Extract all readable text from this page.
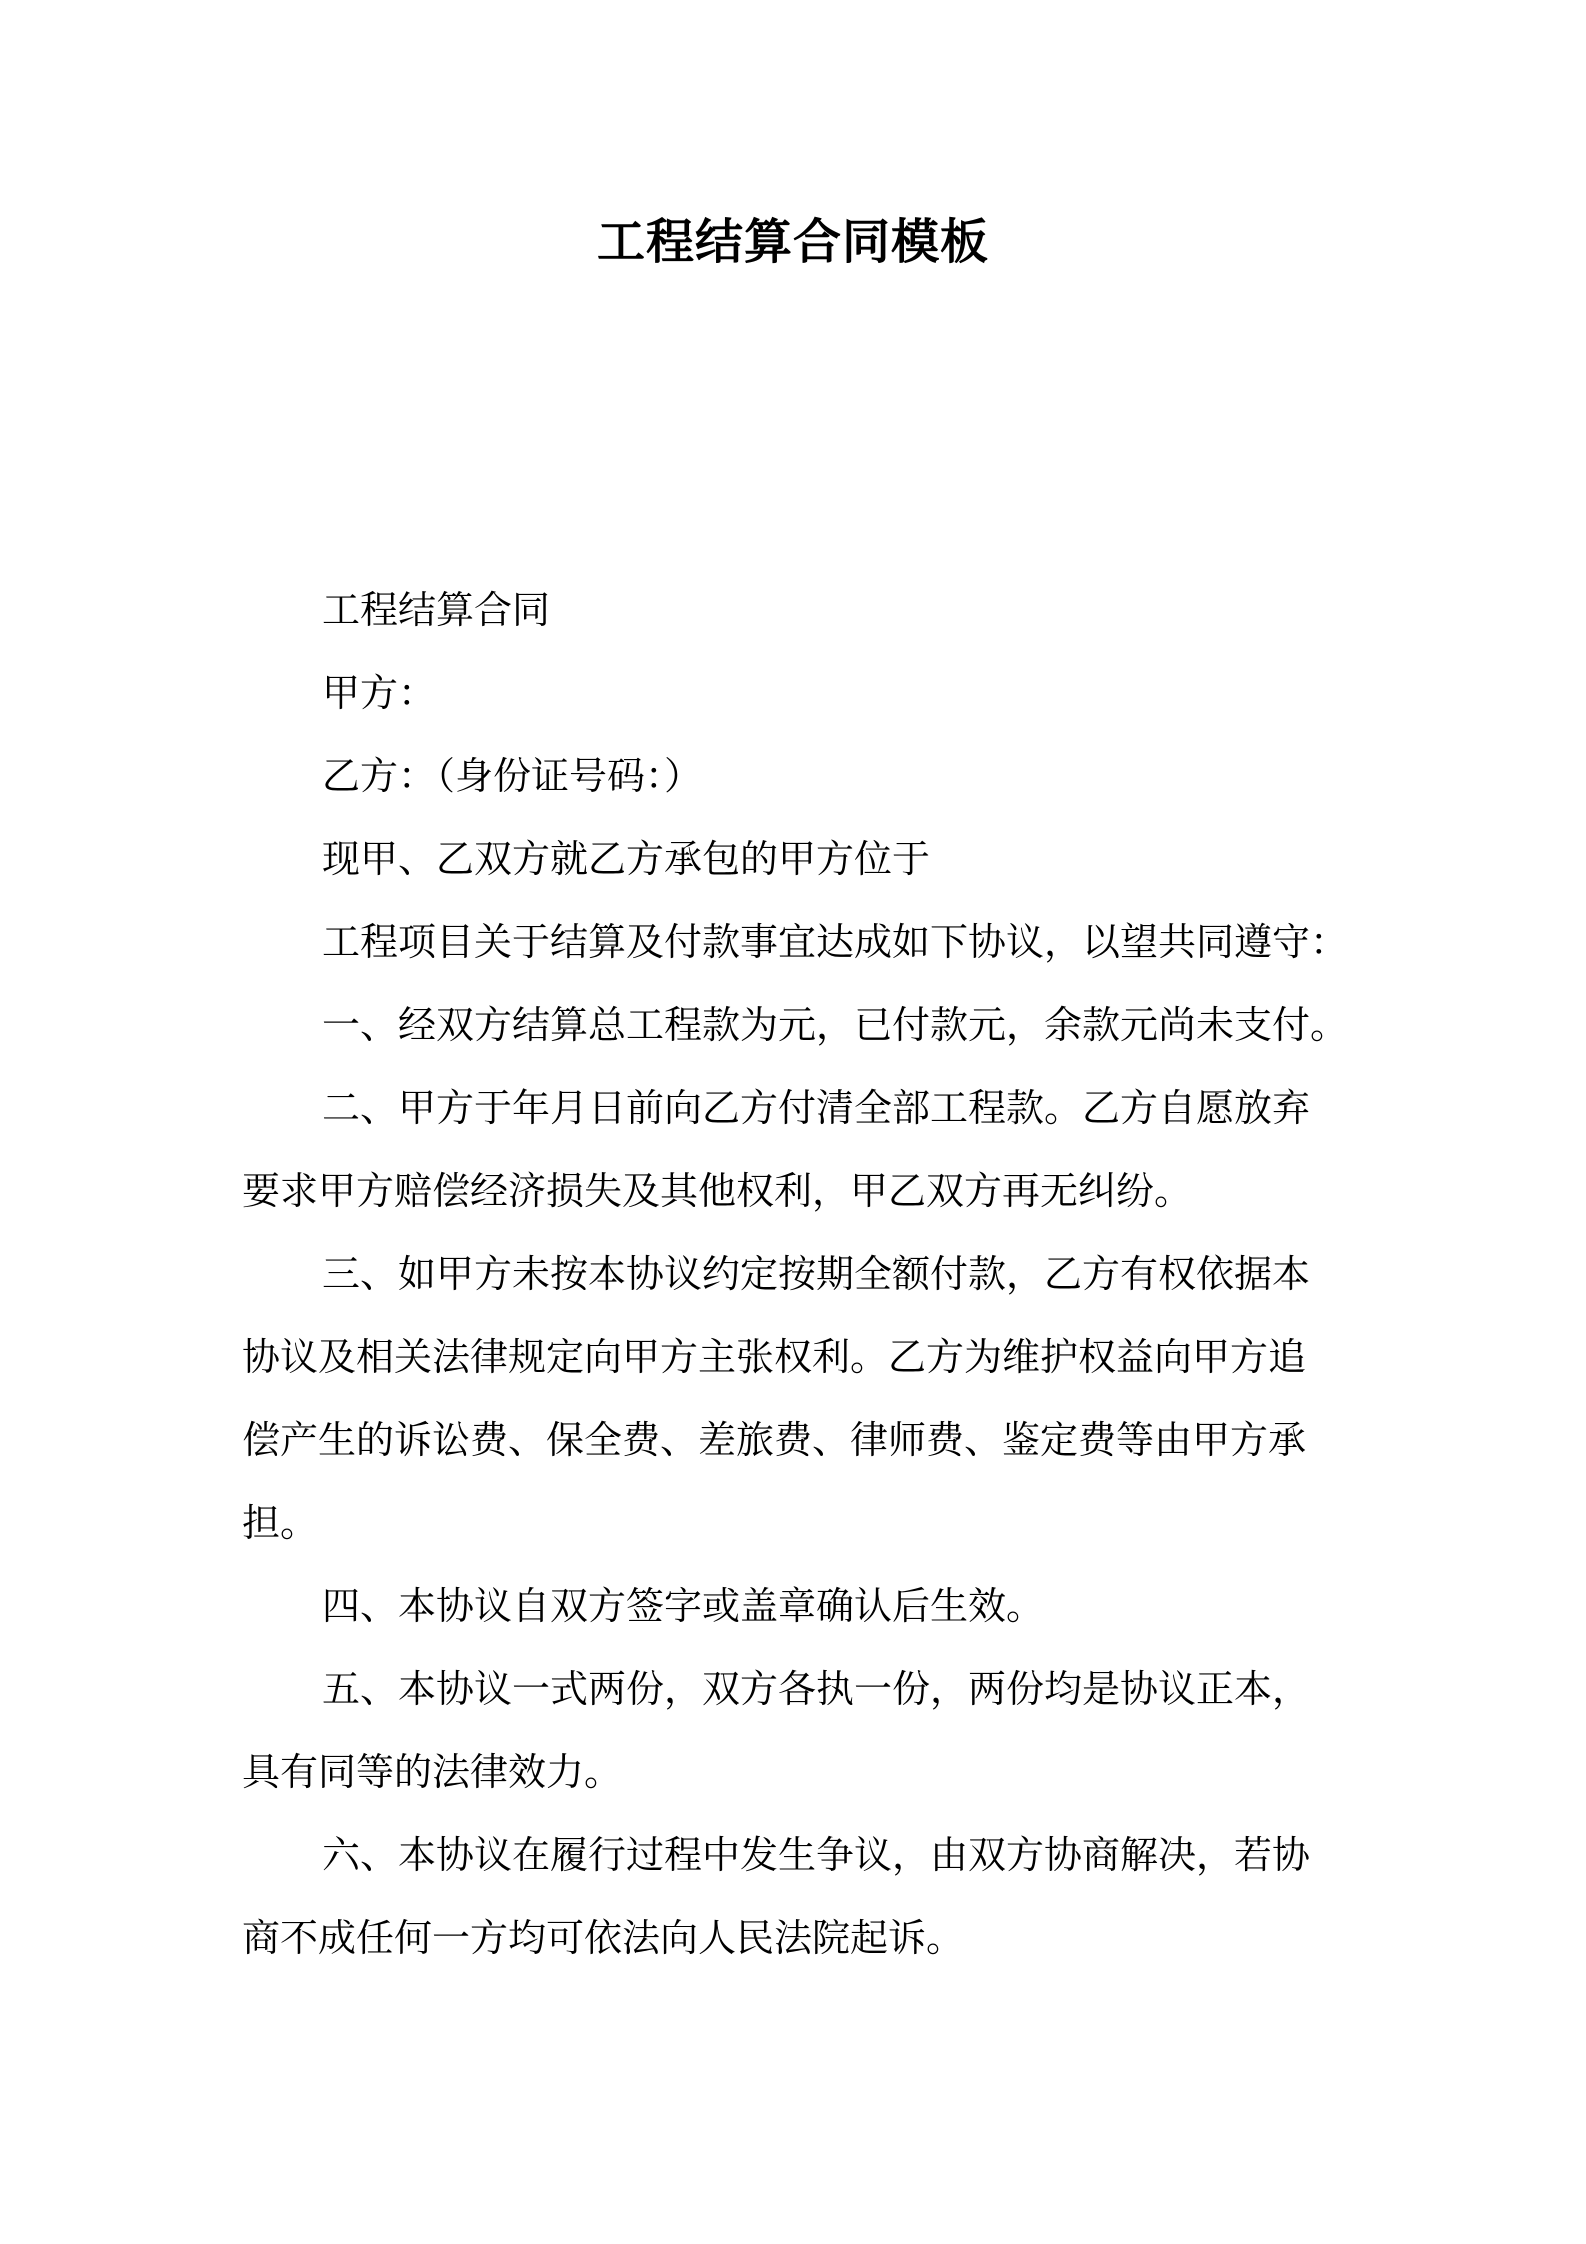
工程结算合同模板
工程结算合同
甲方：
乙方：（身份证号码：）
现甲、乙双方就乙方承包的甲方位于
工程项目关于结算及付款事宜达成如下协议，以望共同遵守：
一、经双方结算总工程款为元，已付款元，余款元尚未支付。
二、甲方于年月日前向乙方付清全部工程款。乙方自愿放弃
要求甲方赔偿经济损失及其他权利，甲乙双方再无纠纷。
三、如甲方未按本协议约定按期全额付款，乙方有权依据本
协议及相关法律规定向甲方主张权利。乙方为维护权益向甲方追
偿产生的诉讼费、保全费、差旅费、律师费、鉴定费等由甲方承
担。
四、本协议自双方签字或盖章确认后生效。
五、本协议一式两份，双方各执一份，两份均是协议正本，
具有同等的法律效力。
六、本协议在履行过程中发生争议，由双方协商解决，若协
商不成任何一方均可依法向人民法院起诉。
